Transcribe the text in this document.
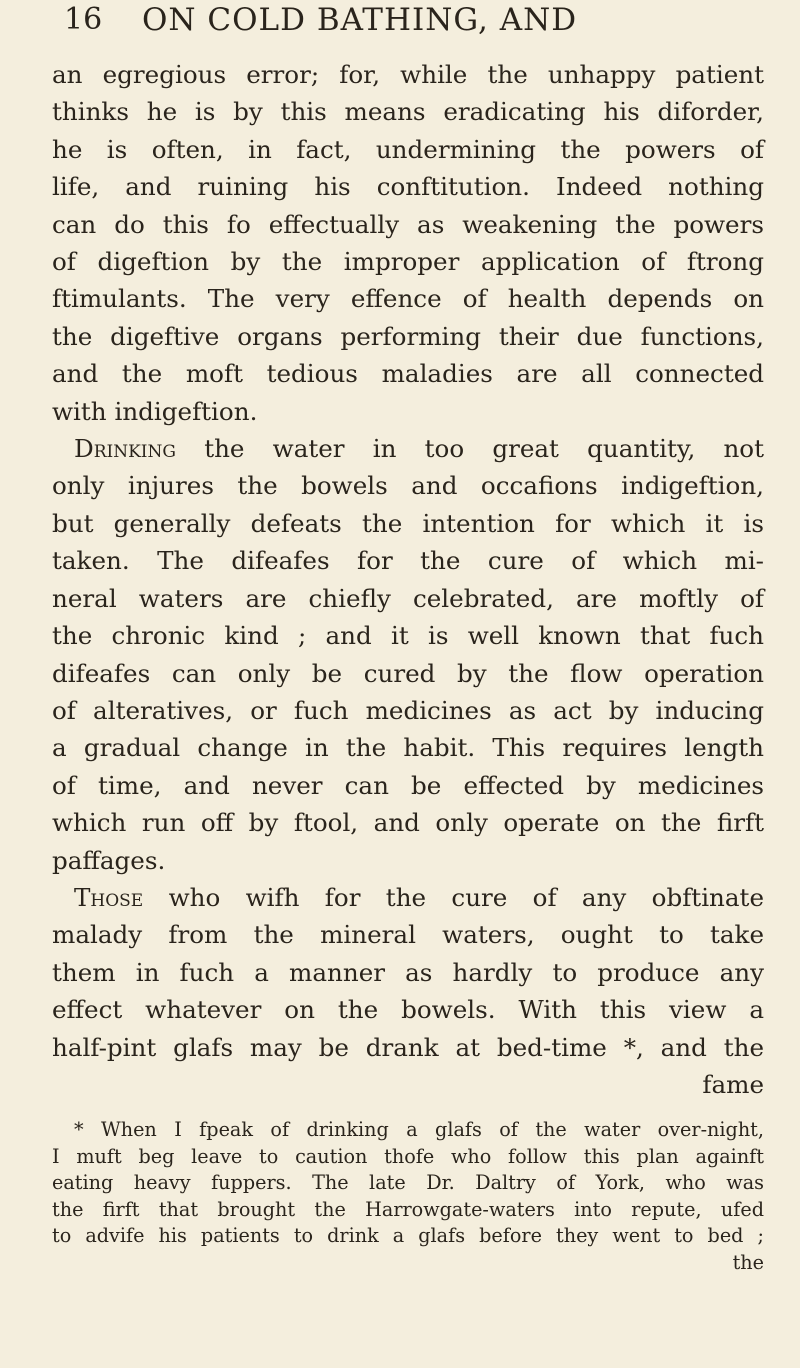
16 ON COLD BATHING, AND
an egregious error; for, while the unhappy patient
thinks he is by this means eradicating his diforder,
he is often, in fact, undermining the powers of
life, and ruining his conftitution. Indeed nothing
can do this fo effectually as weakening the powers
of digeftion by the improper application of ftrong
ftimulants. The very effence of health depends on
the digeftive organs performing their due functions,
and the moft tedious maladies are all connected
with indigeftion.
Drinking the water in too great quantity, not
only injures the bowels and occafions indigeftion,
but generally defeats the intention for which it is
taken. The difeafes for the cure of which mi-
neral waters are chiefly celebrated, are moftly of
the chronic kind ; and it is well known that fuch
difeafes can only be cured by the flow operation
of alteratives, or fuch medicines as act by inducing
a gradual change in the habit. This requires length
of time, and never can be effected by medicines
which run off by ftool, and only operate on the firft
paffages.
Those who wifh for the cure of any obftinate
malady from the mineral waters, ought to take
them in fuch a manner as hardly to produce any
effect whatever on the bowels. With this view a
half-pint glafs may be drank at bed-time *, and the
fame
* When I fpeak of drinking a glafs of the water over-night,
I muft beg leave to caution thofe who follow this plan againft
eating heavy fuppers. The late Dr. Daltry of York, who was
the firft that brought the Harrowgate-waters into repute, ufed
to advife his patients to drink a glafs before they went to bed ;
the
